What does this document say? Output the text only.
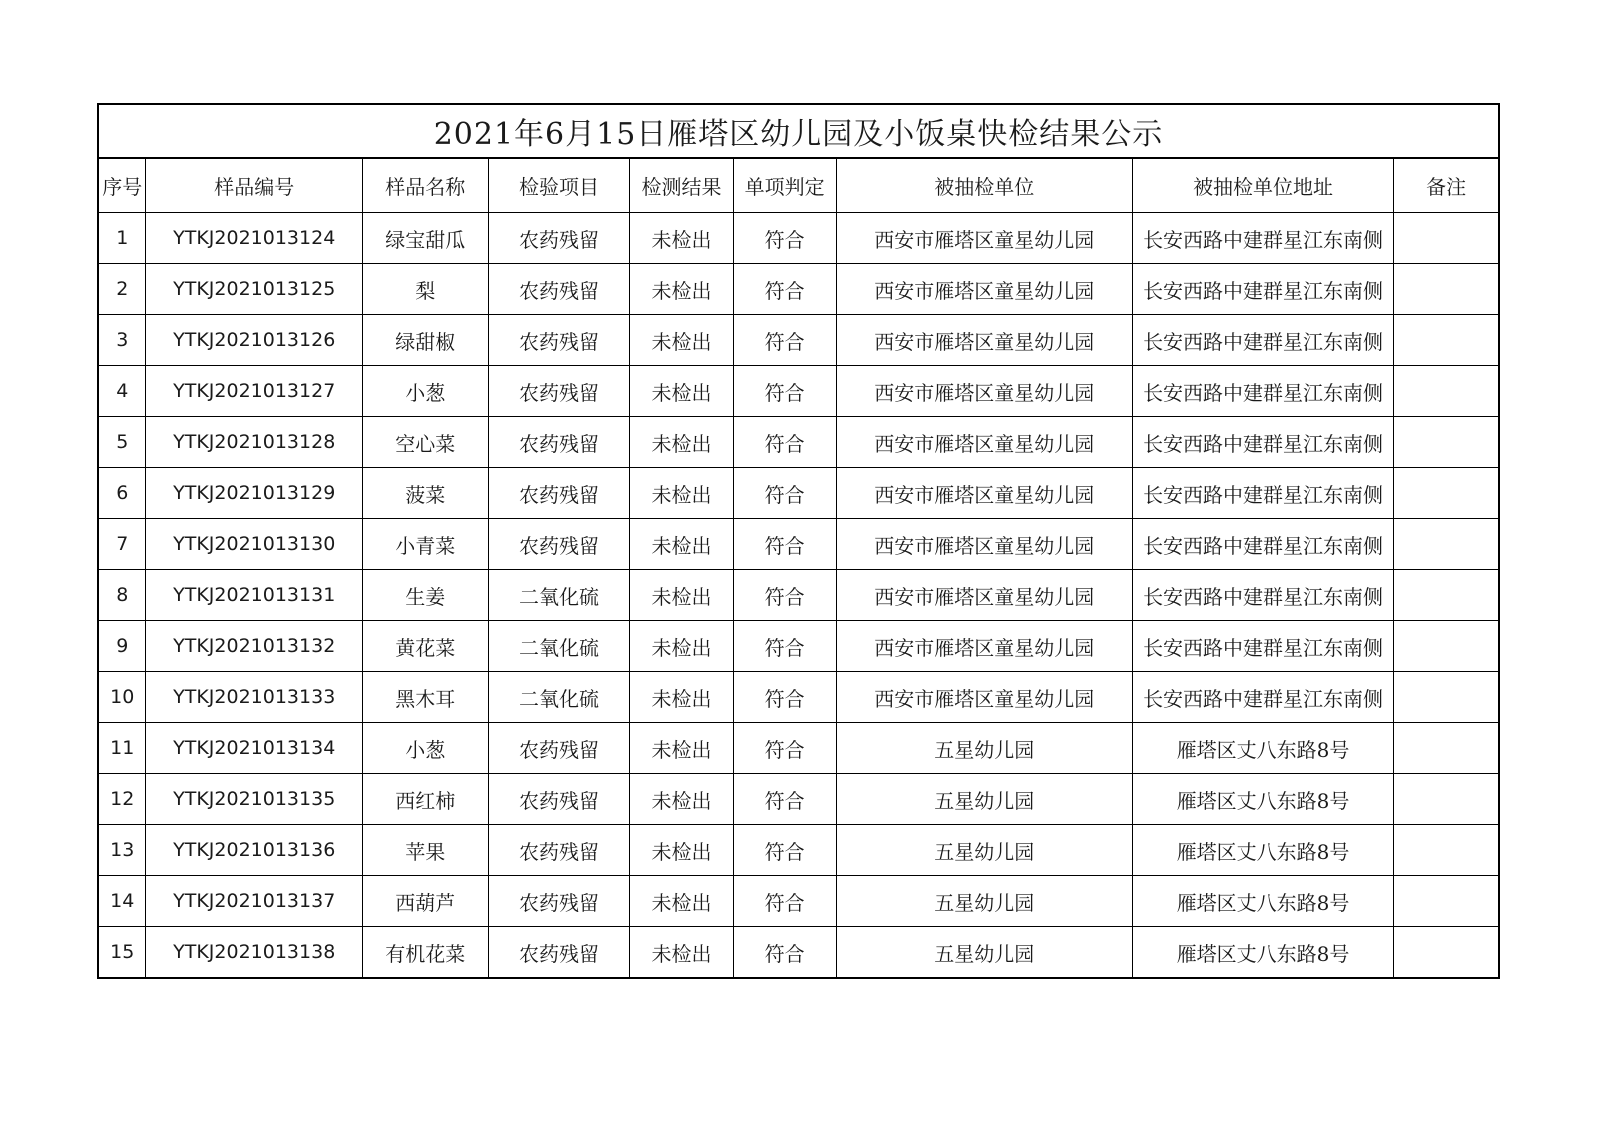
2021年6月15日雁塔区幼儿园及小饭桌快检结果公示
序号	样品编号	样品名称	检验项目	检测结果	单项判定	被抽检单位	被抽检单位地址	备注
1	YTKJ2021013124	绿宝甜瓜	农药残留	未检出	符合	西安市雁塔区童星幼儿园	长安西路中建群星江东南侧	
2	YTKJ2021013125	梨	农药残留	未检出	符合	西安市雁塔区童星幼儿园	长安西路中建群星江东南侧	
3	YTKJ2021013126	绿甜椒	农药残留	未检出	符合	西安市雁塔区童星幼儿园	长安西路中建群星江东南侧	
4	YTKJ2021013127	小葱	农药残留	未检出	符合	西安市雁塔区童星幼儿园	长安西路中建群星江东南侧	
5	YTKJ2021013128	空心菜	农药残留	未检出	符合	西安市雁塔区童星幼儿园	长安西路中建群星江东南侧	
6	YTKJ2021013129	菠菜	农药残留	未检出	符合	西安市雁塔区童星幼儿园	长安西路中建群星江东南侧	
7	YTKJ2021013130	小青菜	农药残留	未检出	符合	西安市雁塔区童星幼儿园	长安西路中建群星江东南侧	
8	YTKJ2021013131	生姜	二氧化硫	未检出	符合	西安市雁塔区童星幼儿园	长安西路中建群星江东南侧	
9	YTKJ2021013132	黄花菜	二氧化硫	未检出	符合	西安市雁塔区童星幼儿园	长安西路中建群星江东南侧	
10	YTKJ2021013133	黑木耳	二氧化硫	未检出	符合	西安市雁塔区童星幼儿园	长安西路中建群星江东南侧	
11	YTKJ2021013134	小葱	农药残留	未检出	符合	五星幼儿园	雁塔区丈八东路8号	
12	YTKJ2021013135	西红柿	农药残留	未检出	符合	五星幼儿园	雁塔区丈八东路8号	
13	YTKJ2021013136	苹果	农药残留	未检出	符合	五星幼儿园	雁塔区丈八东路8号	
14	YTKJ2021013137	西葫芦	农药残留	未检出	符合	五星幼儿园	雁塔区丈八东路8号	
15	YTKJ2021013138	有机花菜	农药残留	未检出	符合	五星幼儿园	雁塔区丈八东路8号	
